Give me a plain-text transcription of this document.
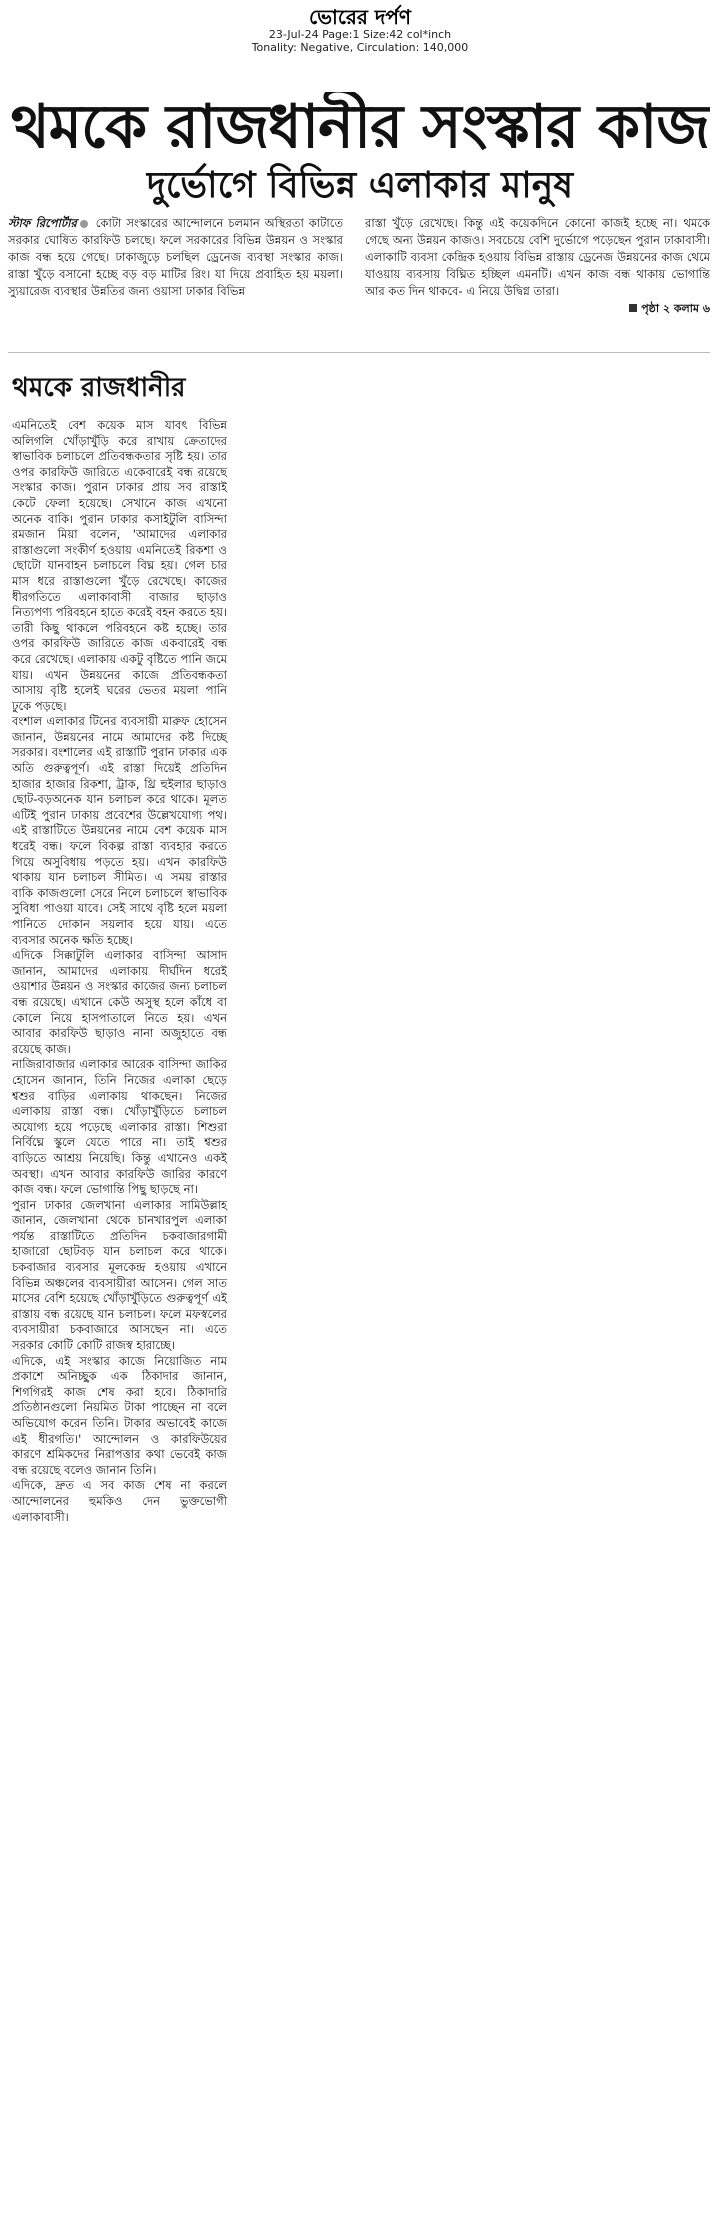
ভোরের দর্পণ
23-Jul-24 Page:1 Size:42 col*inch
Tonality: Negative, Circulation: 140,000
থমকে রাজধানীর সংস্কার কাজ
দুর্ভোগে বিভিন্ন এলাকার মানুষ
স্টাফ রিপোর্টার কোটা সংস্কারের আন্দোলনে চলমান অস্থিরতা কাটাতে সরকার ঘোষিত কারফিউ চলছে। ফলে সরকারের বিভিন্ন উন্নয়ন ও সংস্কার কাজ বন্ধ হয়ে গেছে। ঢাকাজুড়ে চলছিল ড্রেনেজ ব্যবস্থা সংস্কার কাজ। রাস্তা খুঁড়ে বসানো হচ্ছে বড় বড় মাটির রিং। যা দিয়ে প্রবাহিত হয় ময়লা। স্যুয়ারেজ ব্যবস্থার উন্নতির জন্য ওয়াসা ঢাকার বিভিন্ন
রাস্তা খুঁড়ে রেখেছে। কিন্তু এই কয়েকদিনে কোনো কাজই হচ্ছে না। থমকে গেছে অন্য উন্নয়ন কাজও। সবচেয়ে বেশি দুর্ভোগে পড়েছেন পুরান ঢাকাবাসী। এলাকাটি ব্যবসা কেন্দ্রিক হওয়ায় বিভিন্ন রাস্তায় ড্রেনেজ উন্নয়নের কাজ থেমে যাওয়ায় ব্যবসায় বিঘ্নিত হচ্ছিল এমনটি। এখন কাজ বন্ধ থাকায় ভোগান্তি আর কত দিন থাকবে- এ নিয়ে উদ্বিগ্ন তারা।
পৃষ্ঠা ২ কলাম ৬
থমকে রাজধানীর

এমনিতেই বেশ কয়েক মাস যাবৎ বিভিন্ন অলিগলি খোঁড়াখুঁড়ি করে রাখায় ক্রেতাদের স্বাভাবিক চলাচলে প্রতিবন্ধকতার সৃষ্টি হয়। তার ওপর কারফিউ জারিতে একেবারেই বন্ধ রয়েছে সংস্কার কাজ। পুরান ঢাকার প্রায় সব রাস্তাই কেটে ফেলা হয়েছে। সেখানে কাজ এখনো অনেক বাকি। পুরান ঢাকার কসাইটুলি বাসিন্দা রমজান মিয়া বলেন, 'আমাদের এলাকার রাস্তাগুলো সংকীর্ণ হওয়ায় এমনিতেই রিকশা ও ছোটো যানবাহন চলাচলে বিঘ্ন হয়। গেল চার মাস ধরে রাস্তাগুলো খুঁড়ে রেখেছে। কাজের ধীরগতিতে এলাকাবাসী বাজার ছাড়াও নিত্যপণ্য পরিবহনে হাতে করেই বহন করতে হয়। তারী কিছু থাকলে পরিবহনে কষ্ট হচ্ছে। তার ওপর কারফিউ জারিতে কাজ একবারেই বন্ধ করে রেখেছে। এলাকায় একটু বৃষ্টিতে পানি জমে যায়। এখন উন্নয়নের কাজে প্রতিবন্ধকতা আসায় বৃষ্টি হলেই ঘরের ভেতর ময়লা পানি ঢুকে পড়ছে।

বংশাল এলাকার টিনের ব্যবসায়ী মারুফ হোসেন জানান, উন্নয়নের নামে আমাদের কষ্ট দিচ্ছে সরকার। বংশালের এই রাস্তাটি পুরান ঢাকার এক অতি গুরুত্বপূর্ণ। এই রাস্তা দিয়েই প্রতিদিন হাজার হাজার রিকশা, ট্রাক, থ্রি হুইলার ছাড়াও ছোট-বড়অনেক যান চলাচল করে থাকে। মূলত এটিই পুরান ঢাকায় প্রবেশের উল্লেখযোগ্য পথ। এই রাস্তাটিতে উন্নয়নের নামে বেশ কয়েক মাস ধরেই বন্ধ। ফলে বিকল্প রাস্তা ব্যবহার করতে গিয়ে অসুবিধায় পড়তে হয়। এখন কারফিউ থাকায় যান চলাচল সীমিত। এ সময় রাস্তার বাকি কাজগুলো সেরে নিলে চলাচলে স্বাভাবিক সুবিধা পাওয়া যাবে। সেই সাথে বৃষ্টি হলে ময়লা পানিতে দোকান সয়লাব হয়ে যায়। এতে ব্যবসার অনেক ক্ষতি হচ্ছে।

এদিকে সিক্কাটুলি এলাকার বাসিন্দা আসাদ জানান, আমাদের এলাকায় দীর্ঘদিন ধরেই ওয়াশার উন্নয়ন ও সংস্কার কাজের জন্য চলাচল বন্ধ রয়েছে। এখানে কেউ অসুস্থ হলে কাঁধে বা কোলে নিয়ে হাসপাতালে নিতে হয়। এখন আবার কারফিউ ছাড়াও নানা অজুহাতে বন্ধ রয়েছে কাজ।

নাজিরাবাজার এলাকার আরেক বাসিন্দা জাকির হোসেন জানান, তিনি নিজের এলাকা ছেড়ে শ্বশুর বাড়ির এলাকায় থাকছেন। নিজের এলাকায় রাস্তা বন্ধ। খোঁড়াখুঁড়িতে চলাচল অযোগ্য হয়ে পড়েছে এলাকার রাস্তা। শিশুরা নির্বিঘ্নে স্কুলে যেতে পারে না। তাই শ্বশুর বাড়িতে আশ্রয় নিয়েছি। কিন্তু এখানেও একই অবস্থা। এখন আবার কারফিউ জারির কারণে কাজ বন্ধ। ফলে ভোগান্তি পিছু ছাড়ছে না।

পুরান ঢাকার জেলখানা এলাকার সামিউল্লাহ জানান, জেলখানা থেকে চানখারপুল এলাকা পর্যন্ত রাস্তাটিতে প্রতিদিন চকবাজারগামী হাজারো ছোটবড় যান চলাচল করে থাকে। চকবাজার ব্যবসার মূলকেন্দ্র হওয়ায় এখানে বিভিন্ন অঞ্চলের ব্যবসায়ীরা আসেন। গেল সাত মাসের বেশি হয়েছে খোঁড়াখুঁড়িতে গুরুত্বপূর্ণ এই রাস্তায় বন্ধ রয়েছে যান চলাচল। ফলে মফস্বলের ব্যবসায়ীরা চকবাজারে আসছেন না। এতে সরকার কোটি কোটি রাজস্ব হারাচ্ছে।

এদিকে, এই সংস্কার কাজে নিয়োজিত নাম প্রকাশে অনিচ্ছুক এক ঠিকাদার জানান, শিগগিরই কাজ শেষ করা হবে। ঠিকাদারি প্রতিষ্ঠানগুলো নিয়মিত টাকা পাচ্ছেন না বলে অভিযোগ করেন তিনি। টাকার অভাবেই কাজে এই ধীরগতি।' আন্দোলন ও কারফিউয়ের কারণে শ্রমিকদের নিরাপত্তার কথা ভেবেই কাজ বন্ধ রয়েছে বলেও জানান তিনি।

এদিকে, দ্রুত এ সব কাজ শেষ না করলে আন্দোলনের হুমকিও দেন ভুক্তভোগী এলাকাবাসী।
